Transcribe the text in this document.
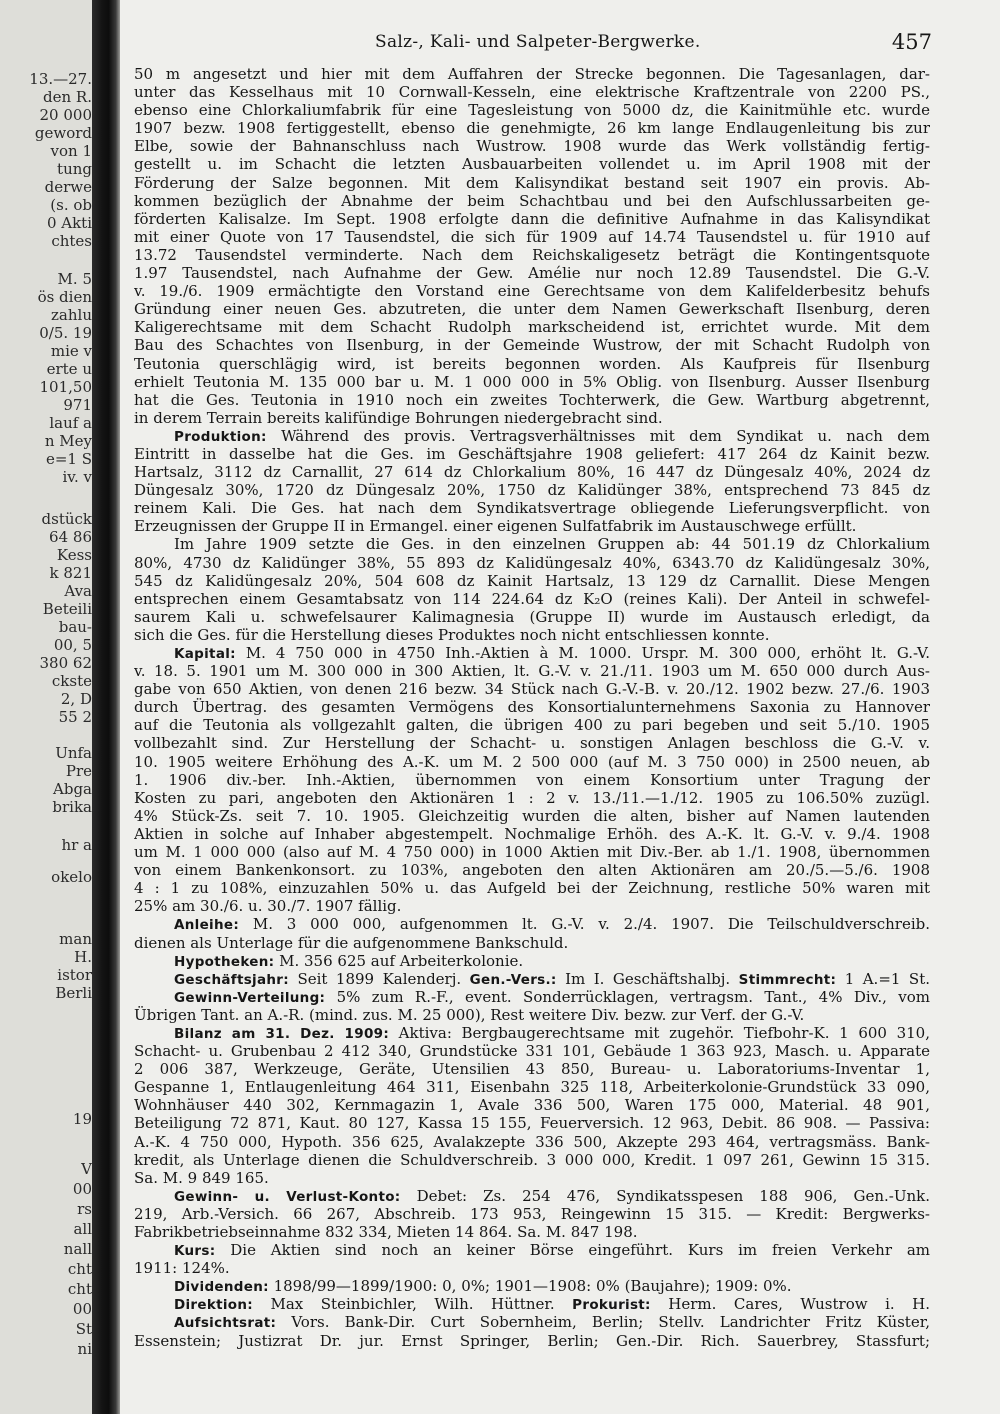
13.—27.
den R.
20 000
geword
von 1
tung
derwe
(s. ob
0 Akti
chtes
M. 5
ös dien
zahlu
0/5. 19
mie v
erte u
101,50
971
lauf a
n Mey
e=1 S
iv. v
dstück
64 86
Kess
k 821
Ava
Beteili
bau-
00, 5
380 62
ckste
2, D
55 2
Unfa
Pre
Abga
brika
hr a
okelo
man
H.
istor
Berli
19
V
00
rs
all
nall
cht
cht
00
St
ni
Salz-, Kali- und Salpeter-Bergwerke.	457
50 m angesetzt und hier mit dem Auffahren der Strecke begonnen. Die Tagesanlagen, dar-
unter das Kesselhaus mit 10 Cornwall-Kesseln, eine elektrische Kraftzentrale von 2200 PS.,
ebenso eine Chlorkaliumfabrik für eine Tagesleistung von 5000 dz, die Kainitmühle etc. wurde
1907 bezw. 1908 fertiggestellt, ebenso die genehmigte, 26 km lange Endlaugenleitung bis zur
Elbe, sowie der Bahnanschluss nach Wustrow. 1908 wurde das Werk vollständig fertig-
gestellt u. im Schacht die letzten Ausbauarbeiten vollendet u. im April 1908 mit der
Förderung der Salze begonnen. Mit dem Kalisyndikat bestand seit 1907 ein provis. Ab-
kommen bezüglich der Abnahme der beim Schachtbau und bei den Aufschlussarbeiten ge-
förderten Kalisalze. Im Sept. 1908 erfolgte dann die definitive Aufnahme in das Kalisyndikat
mit einer Quote von 17 Tausendstel, die sich für 1909 auf 14.74 Tausendstel u. für 1910 auf
13.72 Tausendstel verminderte. Nach dem Reichskaligesetz beträgt die Kontingentsquote
1.97 Tausendstel, nach Aufnahme der Gew. Amélie nur noch 12.89 Tausendstel. Die G.-V.
v. 19./6. 1909 ermächtigte den Vorstand eine Gerechtsame von dem Kalifelderbesitz behufs
Gründung einer neuen Ges. abzutreten, die unter dem Namen Gewerkschaft Ilsenburg, deren
Kaligerechtsame mit dem Schacht Rudolph markscheidend ist, errichtet wurde. Mit dem
Bau des Schachtes von Ilsenburg, in der Gemeinde Wustrow, der mit Schacht Rudolph von
Teutonia querschlägig wird, ist bereits begonnen worden. Als Kaufpreis für Ilsenburg
erhielt Teutonia M. 135 000 bar u. M. 1 000 000 in 5% Oblig. von Ilsenburg. Ausser Ilsenburg
hat die Ges. Teutonia in 1910 noch ein zweites Tochterwerk, die Gew. Wartburg abgetrennt,
in derem Terrain bereits kalifündige Bohrungen niedergebracht sind.
Produktion: Während des provis. Vertragsverhältnisses mit dem Syndikat u. nach dem
Eintritt in dasselbe hat die Ges. im Geschäftsjahre 1908 geliefert: 417 264 dz Kainit bezw.
Hartsalz, 3112 dz Carnallit, 27 614 dz Chlorkalium 80%, 16 447 dz Düngesalz 40%, 2024 dz
Düngesalz 30%, 1720 dz Düngesalz 20%, 1750 dz Kalidünger 38%, entsprechend 73 845 dz
reinem Kali. Die Ges. hat nach dem Syndikatsvertrage obliegende Lieferungsverpflicht. von
Erzeugnissen der Gruppe II in Ermangel. einer eigenen Sulfatfabrik im Austauschwege erfüllt.
Im Jahre 1909 setzte die Ges. in den einzelnen Gruppen ab: 44 501.19 dz Chlorkalium
80%, 4730 dz Kalidünger 38%, 55 893 dz Kalidüngesalz 40%, 6343.70 dz Kalidüngesalz 30%,
545 dz Kalidüngesalz 20%, 504 608 dz Kainit Hartsalz, 13 129 dz Carnallit. Diese Mengen
entsprechen einem Gesamtabsatz von 114 224.64 dz K₂O (reines Kali). Der Anteil in schwefel-
saurem Kali u. schwefelsaurer Kalimagnesia (Gruppe II) wurde im Austausch erledigt, da
sich die Ges. für die Herstellung dieses Produktes noch nicht entschliessen konnte.
Kapital: M. 4 750 000 in 4750 Inh.-Aktien à M. 1000. Urspr. M. 300 000, erhöht lt. G.-V.
v. 18. 5. 1901 um M. 300 000 in 300 Aktien, lt. G.-V. v. 21./11. 1903 um M. 650 000 durch Aus-
gabe von 650 Aktien, von denen 216 bezw. 34 Stück nach G.-V.-B. v. 20./12. 1902 bezw. 27./6. 1903
durch Übertrag. des gesamten Vermögens des Konsortialunternehmens Saxonia zu Hannover
auf die Teutonia als vollgezahlt galten, die übrigen 400 zu pari begeben und seit 5./10. 1905
vollbezahlt sind. Zur Herstellung der Schacht- u. sonstigen Anlagen beschloss die G.-V. v.
10. 1905 weitere Erhöhung des A.-K. um M. 2 500 000 (auf M. 3 750 000) in 2500 neuen, ab
1. 1906 div.-ber. Inh.-Aktien, übernommen von einem Konsortium unter Tragung der
Kosten zu pari, angeboten den Aktionären 1 : 2 v. 13./11.—1./12. 1905 zu 106.50% zuzügl.
4% Stück-Zs. seit 7. 10. 1905. Gleichzeitig wurden die alten, bisher auf Namen lautenden
Aktien in solche auf Inhaber abgestempelt. Nochmalige Erhöh. des A.-K. lt. G.-V. v. 9./4. 1908
um M. 1 000 000 (also auf M. 4 750 000) in 1000 Aktien mit Div.-Ber. ab 1./1. 1908, übernommen
von einem Bankenkonsort. zu 103%, angeboten den alten Aktionären am 20./5.—5./6. 1908
4 : 1 zu 108%, einzuzahlen 50% u. das Aufgeld bei der Zeichnung, restliche 50% waren mit
25% am 30./6. u. 30./7. 1907 fällig.
Anleihe: M. 3 000 000, aufgenommen lt. G.-V. v. 2./4. 1907. Die Teilschuldverschreib.
dienen als Unterlage für die aufgenommene Bankschuld.
Hypotheken: M. 356 625 auf Arbeiterkolonie.
Geschäftsjahr: Seit 1899 Kalenderj. Gen.-Vers.: Im I. Geschäftshalbj. Stimmrecht: 1 A.=1 St.
Gewinn-Verteilung: 5% zum R.-F., event. Sonderrücklagen, vertragsm. Tant., 4% Div., vom
Übrigen Tant. an A.-R. (mind. zus. M. 25 000), Rest weitere Div. bezw. zur Verf. der G.-V.
Bilanz am 31. Dez. 1909: Aktiva: Bergbaugerechtsame mit zugehör. Tiefbohr-K. 1 600 310,
Schacht- u. Grubenbau 2 412 340, Grundstücke 331 101, Gebäude 1 363 923, Masch. u. Apparate
2 006 387, Werkzeuge, Geräte, Utensilien 43 850, Bureau- u. Laboratoriums-Inventar 1,
Gespanne 1, Entlaugenleitung 464 311, Eisenbahn 325 118, Arbeiterkolonie-Grundstück 33 090,
Wohnhäuser 440 302, Kernmagazin 1, Avale 336 500, Waren 175 000, Material. 48 901,
Beteiligung 72 871, Kaut. 80 127, Kassa 15 155, Feuerversich. 12 963, Debit. 86 908. — Passiva:
A.-K. 4 750 000, Hypoth. 356 625, Avalakzepte 336 500, Akzepte 293 464, vertragsmäss. Bank-
kredit, als Unterlage dienen die Schuldverschreib. 3 000 000, Kredit. 1 097 261, Gewinn 15 315.
Sa. M. 9 849 165.
Gewinn- u. Verlust-Konto: Debet: Zs. 254 476, Syndikatsspesen 188 906, Gen.-Unk.
219, Arb.-Versich. 66 267, Abschreib. 173 953, Reingewinn 15 315. — Kredit: Bergwerks-
Fabrikbetriebseinnahme 832 334, Mieten 14 864. Sa. M. 847 198.
Kurs: Die Aktien sind noch an keiner Börse eingeführt. Kurs im freien Verkehr am
1911: 124%.
Dividenden: 1898/99—1899/1900: 0, 0%; 1901—1908: 0% (Baujahre); 1909: 0%.
Direktion: Max Steinbichler, Wilh. Hüttner. Prokurist: Herm. Cares, Wustrow i. H.
Aufsichtsrat: Vors. Bank-Dir. Curt Sobernheim, Berlin; Stellv. Landrichter Fritz Küster,
Essenstein; Justizrat Dr. jur. Ernst Springer, Berlin; Gen.-Dir. Rich. Sauerbrey, Stassfurt;
